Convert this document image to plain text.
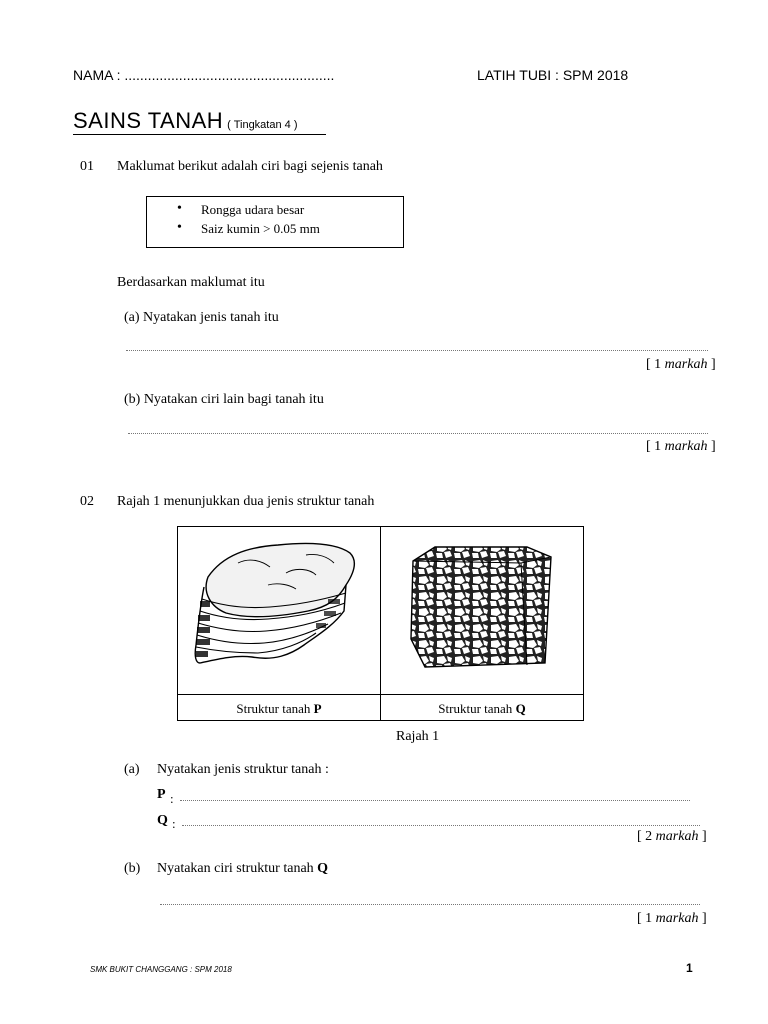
NAMA : ......................................................	LATIH TUBI : SPM 2018
SAINS TANAH ( Tingkatan 4 )
01 Maklumat berikut adalah ciri bagi sejenis tanah
• Rongga udara besar
• Saiz kumin > 0.05 mm
Berdasarkan maklumat itu
(a) Nyatakan jenis tanah itu
[ 1 markah ]
(b) Nyatakan ciri lain bagi tanah itu
[ 1 markah ]
02 Rajah 1 menunjukkan dua jenis struktur tanah
Struktur tanah P	Struktur tanah Q
Rajah 1
(a) Nyatakan jenis struktur tanah :
P :
Q :
[ 2 markah ]
(b) Nyatakan ciri struktur tanah Q
[ 1 markah ]
SMK BUKIT CHANGGANG : SPM 2018	1
